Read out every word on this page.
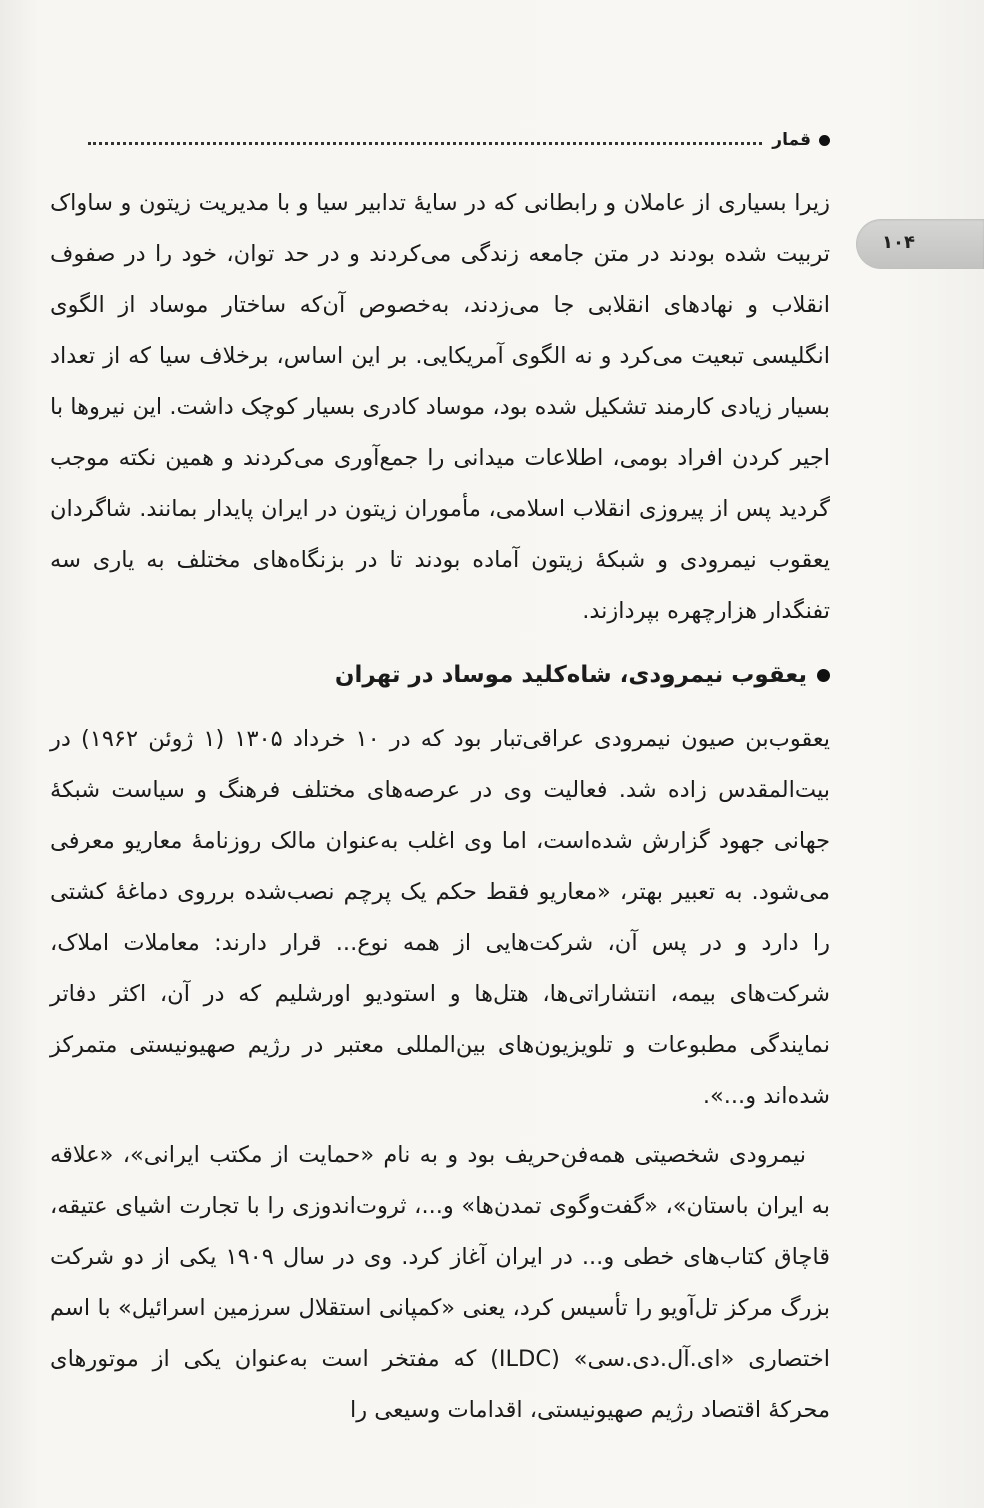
قمار
۱۰۴

زیرا بسیاری از عاملان و رابطانی که در سایهٔ تدابیر سیا و با مدیریت زیتون و ساواک تربیت شده بودند در متن جامعه زندگی می‌کردند و در حد توان، خود را در صفوف انقلاب و نهادهای انقلابی جا می‌زدند، به‌خصوص آن‌که ساختار موساد از الگوی انگلیسی تبعیت می‌کرد و نه الگوی آمریکایی. بر این اساس، برخلاف سیا که از تعداد بسیار زیادی کارمند تشکیل شده بود، موساد کادری بسیار کوچک داشت. این نیروها با اجیر کردن افراد بومی، اطلاعات میدانی را جمع‌آوری می‌کردند و همین نکته موجب گردید پس از پیروزی انقلاب اسلامی، مأموران زیتون در ایران پایدار بمانند. شاگردان یعقوب نیمرودی و شبکهٔ زیتون آماده بودند تا در بزنگاه‌های مختلف به یاری سه تفنگدار هزارچهره بپردازند.

یعقوب نیمرودی، شاه‌کلید موساد در تهران

یعقوب‌بن صیون نیمرودی عراقی‌تبار بود که در ۱۰ خرداد ۱۳۰۵ (۱ ژوئن ۱۹۶۲) در بیت‌المقدس زاده شد. فعالیت وی در عرصه‌های مختلف فرهنگ و سیاست شبکهٔ جهانی جهود گزارش شده‌است، اما وی اغلب به‌عنوان مالک روزنامهٔ معاریو معرفی می‌شود. به تعبیر بهتر، «معاریو فقط حکم یک پرچم نصب‌شده برروی دماغهٔ کشتی را دارد و در پس آن، شرکت‌هایی از همه نوع... قرار دارند: معاملات املاک، شرکت‌های بیمه، انتشاراتی‌ها، هتل‌ها و استودیو اورشلیم که در آن، اکثر دفاتر نمایندگی مطبوعات و تلویزیون‌های بین‌المللی معتبر در رژیم صهیونیستی متمرکز شده‌اند و...».

نیمرودی شخصیتی همه‌فن‌حریف بود و به نام «حمایت از مکتب ایرانی»، «علاقه به ایران باستان»، «گفت‌وگوی تمدن‌ها» و...، ثروت‌اندوزی را با تجارت اشیای عتیقه، قاچاق کتاب‌های خطی و... در ایران آغاز کرد. وی در سال ۱۹۰۹ یکی از دو شرکت بزرگ مرکز تل‌آویو را تأسیس کرد، یعنی «کمپانی استقلال سرزمین اسرائیل» با اسم اختصاری «ای.آل.دی.سی» (ILDC) که مفتخر است به‌عنوان یکی از موتورهای محرکهٔ اقتصاد رژیم صهیونیستی، اقدامات وسیعی را
